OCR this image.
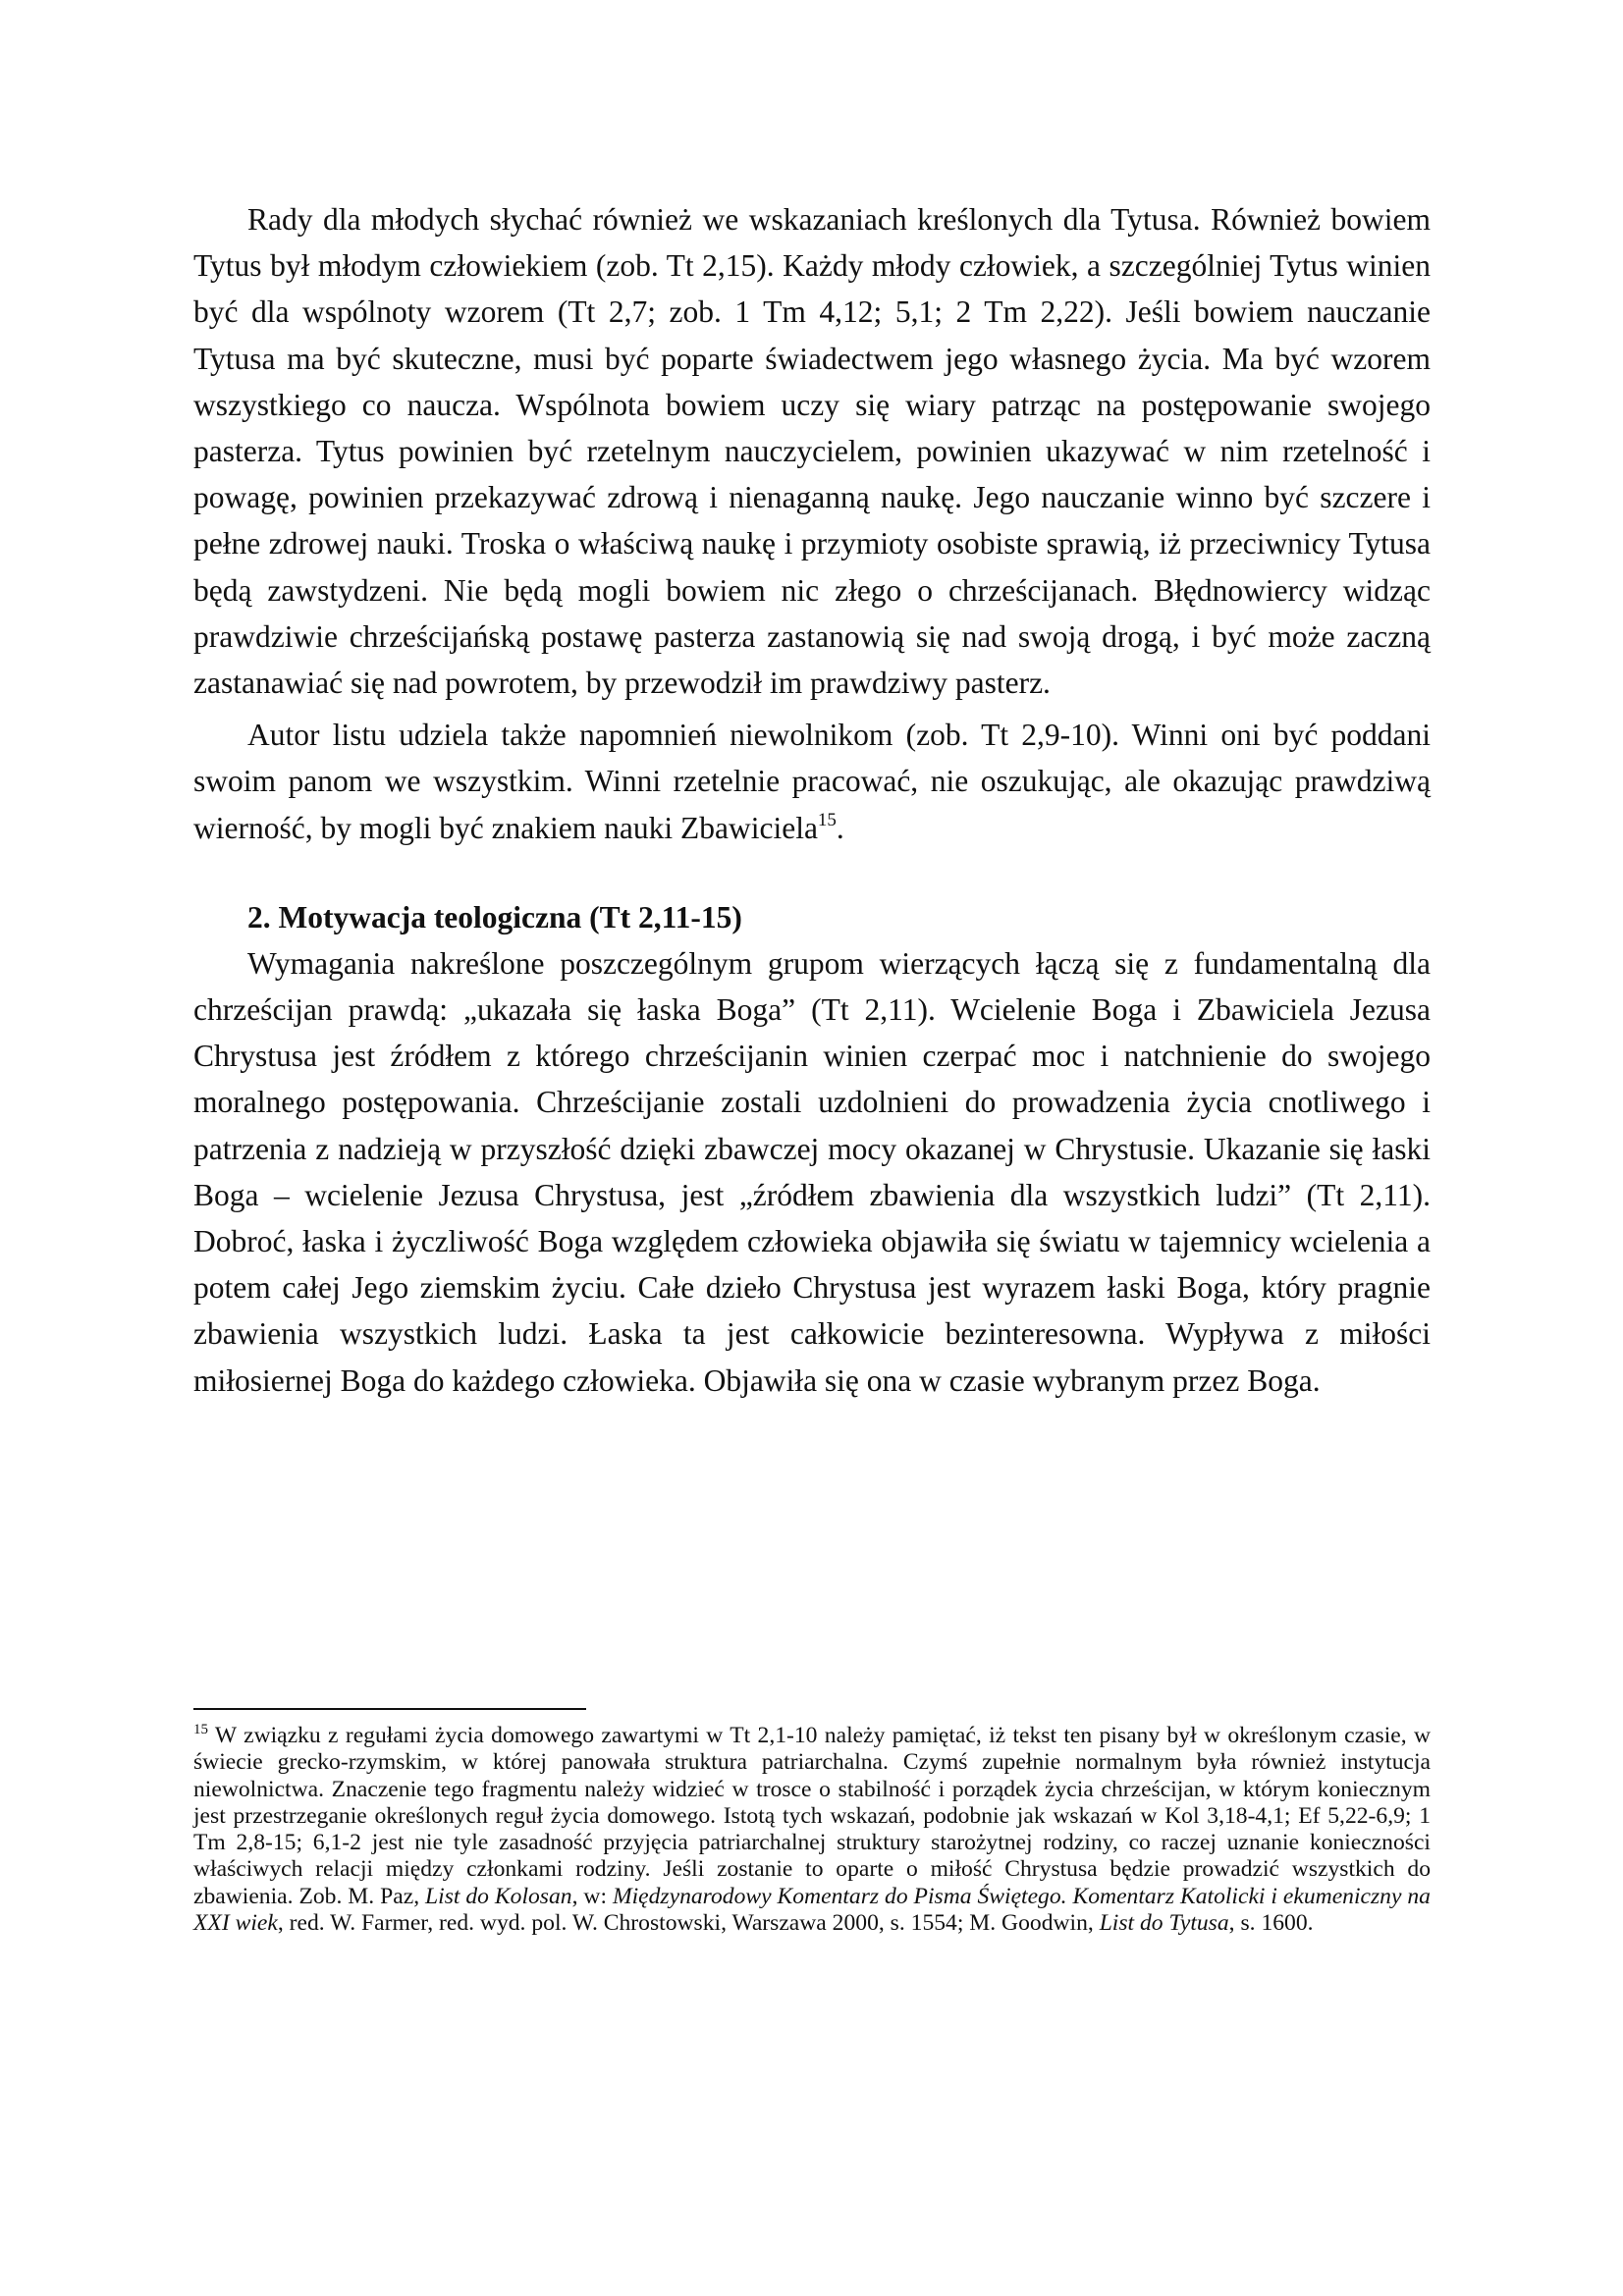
Rady dla młodych słychać również we wskazaniach kreślonych dla Tytusa. Również bowiem Tytus był młodym człowiekiem (zob. Tt 2,15). Każdy młody człowiek, a szczególniej Tytus winien być dla wspólnoty wzorem (Tt 2,7; zob. 1 Tm 4,12; 5,1; 2 Tm 2,22). Jeśli bowiem nauczanie Tytusa ma być skuteczne, musi być poparte świadectwem jego własnego życia. Ma być wzorem wszystkiego co naucza. Wspólnota bowiem uczy się wiary patrząc na postępowanie swojego pasterza. Tytus powinien być rzetelnym nauczycielem, powinien ukazywać w nim rzetelność i powagę, powinien przekazywać zdrową i nienaganną naukę. Jego nauczanie winno być szczere i pełne zdrowej nauki. Troska o właściwą naukę i przymioty osobiste sprawią, iż przeciwnicy Tytusa będą zawstydzeni. Nie będą mogli bowiem nic złego o chrześcijanach. Błędnowiercy widząc prawdziwie chrześcijańską postawę pasterza zastanowią się nad swoją drogą, i być może zaczną zastanawiać się nad powrotem, by przewodził im prawdziwy pasterz.

Autor listu udziela także napomnień niewolnikom (zob. Tt 2,9-10). Winni oni być poddani swoim panom we wszystkim. Winni rzetelnie pracować, nie oszukując, ale okazując prawdziwą wierność, by mogli być znakiem nauki Zbawiciela$^{15}$.

2. Motywacja teologiczna (Tt 2,11-15)

Wymagania nakreślone poszczególnym grupom wierzących łączą się z fundamentalną dla chrześcijan prawdą: „ukazała się łaska Boga” (Tt 2,11). Wcielenie Boga i Zbawiciela Jezusa Chrystusa jest źródłem z którego chrześcijanin winien czerpać moc i natchnienie do swojego moralnego postępowania. Chrześcijanie zostali uzdolnieni do prowadzenia życia cnotliwego i patrzenia z nadzieją w przyszłość dzięki zbawczej mocy okazanej w Chrystusie. Ukazanie się łaski Boga – wcielenie Jezusa Chrystusa, jest „źródłem zbawienia dla wszystkich ludzi” (Tt 2,11). Dobroć, łaska i życzliwość Boga względem człowieka objawiła się światu w tajemnicy wcielenia a potem całej Jego ziemskim życiu. Całe dzieło Chrystusa jest wyrazem łaski Boga, który pragnie zbawienia wszystkich ludzi. Łaska ta jest całkowicie bezinteresowna. Wypływa z miłości miłosiernej Boga do każdego człowieka. Objawiła się ona w czasie wybranym przez Boga.

$^{15}$ W związku z regułami życia domowego zawartymi w Tt 2,1-10 należy pamiętać, iż tekst ten pisany był w określonym czasie, w świecie grecko-rzymskim, w której panowała struktura patriarchalna. Czymś zupełnie normalnym była również instytucja niewolnictwa. Znaczenie tego fragmentu należy widzieć w trosce o stabilność i porządek życia chrześcijan, w którym koniecznym jest przestrzeganie określonych reguł życia domowego. Istotą tych wskazań, podobnie jak wskazań w Kol 3,18-4,1; Ef 5,22-6,9; 1 Tm 2,8-15; 6,1-2 jest nie tyle zasadność przyjęcia patriarchalnej struktury starożytnej rodziny, co raczej uznanie konieczności właściwych relacji między członkami rodziny. Jeśli zostanie to oparte o miłość Chrystusa będzie prowadzić wszystkich do zbawienia. Zob. M. Paz, List do Kolosan, w: Międzynarodowy Komentarz do Pisma Świętego. Komentarz Katolicki i ekumeniczny na XXI wiek, red. W. Farmer, red. wyd. pol. W. Chrostowski, Warszawa 2000, s. 1554; M. Goodwin, List do Tytusa, s. 1600.
